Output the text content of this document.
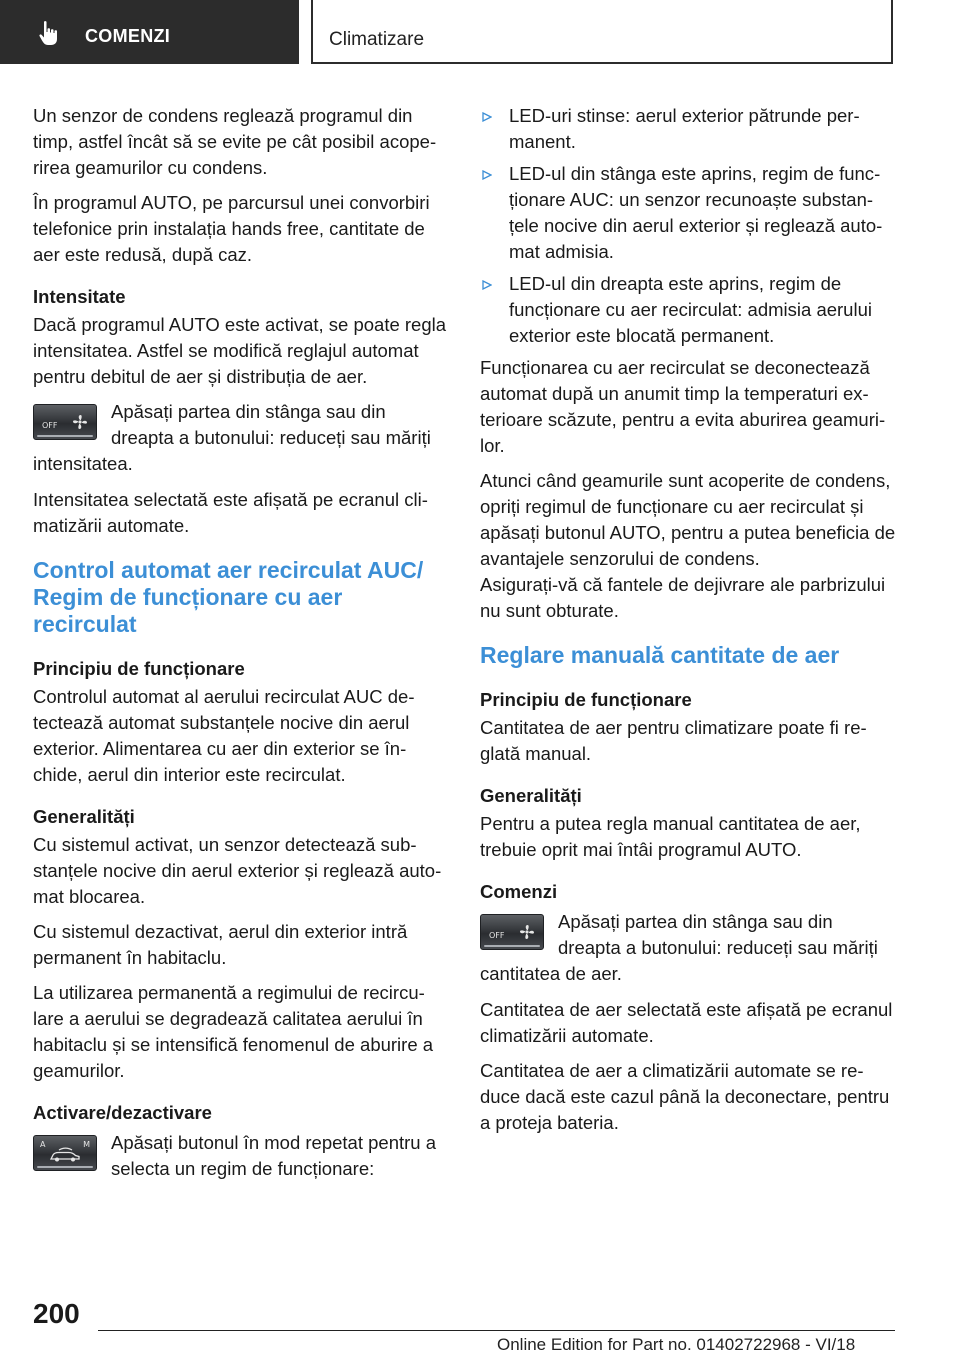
COMENZI	Climatizare

Un senzor de condens reglează programul din timp, astfel încât să se evite pe cât posibil acoperirea geamurilor cu condens.

În programul AUTO, pe parcursul unei convorbiri telefonice prin instalația hands free, cantitate de aer este redusă, după caz.

Intensitate

Dacă programul AUTO este activat, se poate regla intensitatea. Astfel se modifică reglajul automat pentru debitul de aer și distribuția de aer.

OFF
Apăsați partea din stânga sau din dreapta a butonului: reduceți sau măriți intensitatea.

Intensitatea selectată este afișată pe ecranul climatizării automate.

Control automat aer recirculat AUC/ Regim de funcționare cu aer recirculat
Principiu de funcționare

Controlul automat al aerului recirculat AUC detectează automat substanțele nocive din aerul exterior. Alimentarea cu aer din exterior se închide, aerul din interior este recirculat.

Generalități

Cu sistemul activat, un senzor detectează substanțele nocive din aerul exterior și reglează automat blocarea.

Cu sistemul dezactivat, aerul din exterior intră permanent în habitaclu.

La utilizarea permanentă a regimului de recirculare a aerului se degradează calitatea aerului în habitaclu și se intensifică fenomenul de aburire a geamurilor.

Activare/dezactivare
A	M Apăsați butonul în mod repetat pentru a selecta un regim de funcționare:
LED-uri stinse: aerul exterior pătrunde permanent.
LED-ul din stânga este aprins, regim de funcționare AUC: un senzor recunoaște substanțele nocive din aerul exterior și reglează automat admisia.
LED-ul din dreapta este aprins, regim de funcționare cu aer recirculat: admisia aerului exterior este blocată permanent.

Funcționarea cu aer recirculat se deconectează automat după un anumit timp la temperaturi exterioare scăzute, pentru a evita aburirea geamurilor.

Atunci când geamurile sunt acoperite de condens, opriți regimul de funcționare cu aer recirculat și apăsați butonul AUTO, pentru a putea beneficia de avantajele senzorului de condens.

Asigurați-vă că fantele de dejivrare ale parbrizului nu sunt obturate.

Reglare manuală cantitate de aer
Principiu de funcționare

Cantitatea de aer pentru climatizare poate fi reglată manual.

Generalități

Pentru a putea regla manual cantitatea de aer, trebuie oprit mai întâi programul AUTO.

Comenzi
OFF
Apăsați partea din stânga sau din dreapta a butonului: reduceți sau măriți cantitatea de aer.

Cantitatea de aer selectată este afișată pe ecranul climatizării automate.

Cantitatea de aer a climatizării automate se reduce dacă este cazul până la deconectare, pentru a proteja bateria.

200
Online Edition for Part no. 01402722968 - VI/18
